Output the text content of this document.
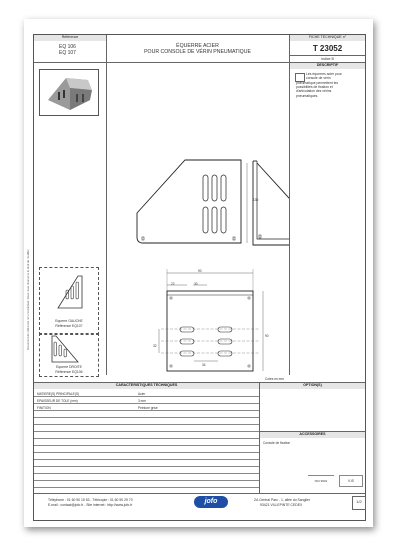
Référence
EQ 106
EQ 107
ÉQUERRE ACIER
POUR CONSOLE DE VÉRIN PNEUMATIQUE
FICHE TECHNIQUE n°
T 23052
indice B
DESCRIPTIF
Les équerres acier pour
console de vérin
pneumatique permettent les
possibilités de fixation et
d'articulation des vérins
pneumatiques.
Document de référence non contractuel. Nous nous réservons le droit de modifier	Equerre GAUCHE
Référence EQ107
Equerre DROITE
Référence EQ106
130
90
22	30
32
90
34
Cotes en mm
CARACTERISTIQUES TECHNIQUES	OPTION(S)
MATIERE(S) PRINCIPALE(S)	Acier
EPAISSEUR DE TOLE (mm)	3 mm
FINITION	Peinture grise
ACCESSOIRES
Console de fixation
ISO 9001	V.iS
Téléphone : 01 60 90 15 53 - Télécopie : 01 60 90 29 70
E-mail : contact@jofo.fr - Site internet : http://www.jofo.fr	jofo	ZA Central Parc - 1, allée du Sanglier
93421 VILLEPINTE CEDEX
1/2
